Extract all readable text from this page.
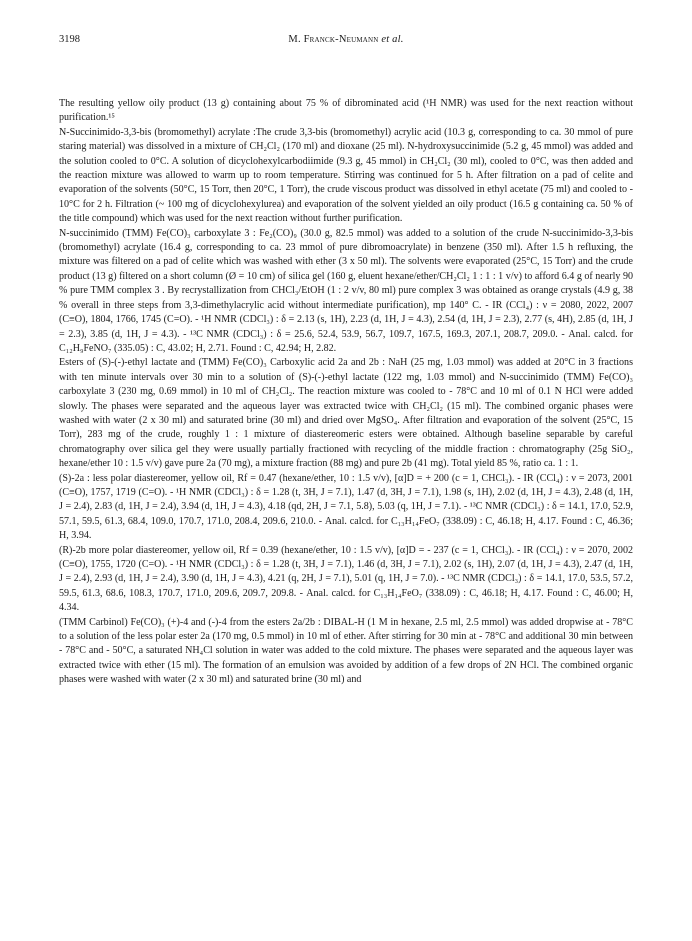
3198	M. Franck-Neumann et al.

The resulting yellow oily product (13 g) containing about 75 % of dibrominated acid (¹H NMR) was used for the next reaction without purification.¹⁵

N-Succinimido-3,3-bis (bromomethyl) acrylate :The crude 3,3-bis (bromomethyl) acrylic acid (10.3 g, corresponding to ca. 30 mmol of pure staring material) was dissolved in a mixture of CH₂Cl₂ (170 ml) and dioxane (25 ml). N-hydroxysuccinimide (5.2 g, 45 mmol) was added and the solution cooled to 0°C. A solution of dicyclohexylcarbodiimide (9.3 g, 45 mmol) in CH₂Cl₂ (30 ml), cooled to 0°C, was then added and the reaction mixture was allowed to warm up to room temperature. Stirring was continued for 5 h. After filtration on a pad of celite and evaporation of the solvents (50°C, 15 Torr, then 20°C, 1 Torr), the crude viscous product was dissolved in ethyl acetate (75 ml) and cooled to - 10°C for 2 h. Filtration (~ 100 mg of dicyclohexylurea) and evaporation of the solvent yielded an oily product (16.5 g containing ca. 50 % of the title compound) which was used for the next reaction without further purification.

N-succinimido (TMM) Fe(CO)₃ carboxylate 3 : Fe₂(CO)₉ (30.0 g, 82.5 mmol) was added to a solution of the crude N-succinimido-3,3-bis (bromomethyl) acrylate (16.4 g, corresponding to ca. 23 mmol of pure dibromoacrylate) in benzene (350 ml). After 1.5 h refluxing, the mixture was filtered on a pad of celite which was washed with ether (3 x 50 ml). The solvents were evaporated (25°C, 15 Torr) and the crude product (13 g) filtered on a short column (Ø = 10 cm) of silica gel (160 g, eluent hexane/ether/CH₂Cl₂ 1 : 1 : 1 v/v) to afford 6.4 g of nearly 90 % pure TMM complex 3 . By recrystallization from CHCl₃/EtOH (1 : 2 v/v, 80 ml) pure complex 3 was obtained as orange crystals (4.9 g, 38 % overall in three steps from 3,3-dimethylacrylic acid without intermediate purification), mp 140° C. - IR (CCl₄) : ν = 2080, 2022, 2007 (C≡O), 1804, 1766, 1745 (C=O). - ¹H NMR (CDCl₃) : δ = 2.13 (s, 1H), 2.23 (d, 1H, J = 4.3), 2.54 (d, 1H, J = 2.3), 2.77 (s, 4H), 2.85 (d, 1H, J = 2.3), 3.85 (d, 1H, J = 4.3). - ¹³C NMR (CDCl₃) : δ = 25.6, 52.4, 53.9, 56.7, 109.7, 167.5, 169.3, 207.1, 208.7, 209.0. - Anal. calcd. for C₁₂H₉FeNO₇ (335.05) : C, 43.02; H, 2.71. Found : C, 42.94; H, 2.82.

Esters of (S)-(-)-ethyl lactate and (TMM) Fe(CO)₃ Carboxylic acid 2a and 2b : NaH (25 mg, 1.03 mmol) was added at 20°C in 3 fractions with ten minute intervals over 30 min to a solution of (S)-(-)-ethyl lactate (122 mg, 1.03 mmol) and N-succinimido (TMM) Fe(CO)₃ carboxylate 3 (230 mg, 0.69 mmol) in 10 ml of CH₂Cl₂. The reaction mixture was cooled to - 78°C and 10 ml of 0.1 N HCl were added slowly. The phases were separated and the aqueous layer was extracted twice with CH₂Cl₂ (15 ml). The combined organic phases were washed with water (2 x 30 ml) and saturated brine (30 ml) and dried over MgSO₄. After filtration and evaporation of the solvent (25°C, 15 Torr), 283 mg of the crude, roughly 1 : 1 mixture of diastereomeric esters were obtained. Although baseline separable by careful chromatography over silica gel they were usually partially fractioned with recycling of the middle fraction : chromatography (25g SiO₂, hexane/ether 10 : 1.5 v/v) gave pure 2a (70 mg), a mixture fraction (88 mg) and pure 2b (41 mg). Total yield 85 %, ratio ca. 1 : 1.

(S)-2a : less polar diastereomer, yellow oil, Rf = 0.47 (hexane/ether, 10 : 1.5 v/v), [α]D = + 200 (c = 1, CHCl₃). - IR (CCl₄) : ν = 2073, 2001 (C≡O), 1757, 1719 (C=O). - ¹H NMR (CDCl₃) : δ = 1.28 (t, 3H, J = 7.1), 1.47 (d, 3H, J = 7.1), 1.98 (s, 1H), 2.02 (d, 1H, J = 4.3), 2.48 (d, 1H, J = 2.4), 2.83 (d, 1H, J = 2.4), 3.94 (d, 1H, J = 4.3), 4.18 (qd, 2H, J = 7.1, 5.8), 5.03 (q, 1H, J = 7.1). - ¹³C NMR (CDCl₃) : δ = 14.1, 17.0, 52.9, 57.1, 59.5, 61.3, 68.4, 109.0, 170.7, 171.0, 208.4, 209.6, 210.0. - Anal. calcd. for C₁₃H₁₄FeO₇ (338.09) : C, 46.18; H, 4.17. Found : C, 46.36; H, 3.94.

(R)-2b more polar diastereomer, yellow oil, Rf = 0.39 (hexane/ether, 10 : 1.5 v/v), [α]D = - 237 (c = 1, CHCl₃). - IR (CCl₄) : ν = 2070, 2002 (C≡O), 1755, 1720 (C=O). - ¹H NMR (CDCl₃) : δ = 1.28 (t, 3H, J = 7.1), 1.46 (d, 3H, J = 7.1), 2.02 (s, 1H), 2.07 (d, 1H, J = 4.3), 2.47 (d, 1H, J = 2.4), 2.93 (d, 1H, J = 2.4), 3.90 (d, 1H, J = 4.3), 4.21 (q, 2H, J = 7.1), 5.01 (q, 1H, J = 7.0). - ¹³C NMR (CDCl₃) : δ = 14.1, 17.0, 53.5, 57.2, 59.5, 61.3, 68.6, 108.3, 170.7, 171.0, 209.6, 209.7, 209.8. - Anal. calcd. for C₁₃H₁₄FeO₇ (338.09) : C, 46.18; H, 4.17. Found : C, 46.00; H, 4.34.

(TMM Carbinol) Fe(CO)₃ (+)-4 and (-)-4 from the esters 2a/2b : DIBAL-H (1 M in hexane, 2.5 ml, 2.5 mmol) was added dropwise at - 78°C to a solution of the less polar ester 2a (170 mg, 0.5 mmol) in 10 ml of ether. After stirring for 30 min at - 78°C and additional 30 min between - 78°C and - 50°C, a saturated NH₄Cl solution in water was added to the cold mixture. The phases were separated and the aqueous layer was extracted twice with ether (15 ml). The formation of an emulsion was avoided by addition of a few drops of 2N HCl. The combined organic phases were washed with water (2 x 30 ml) and saturated brine (30 ml) and
